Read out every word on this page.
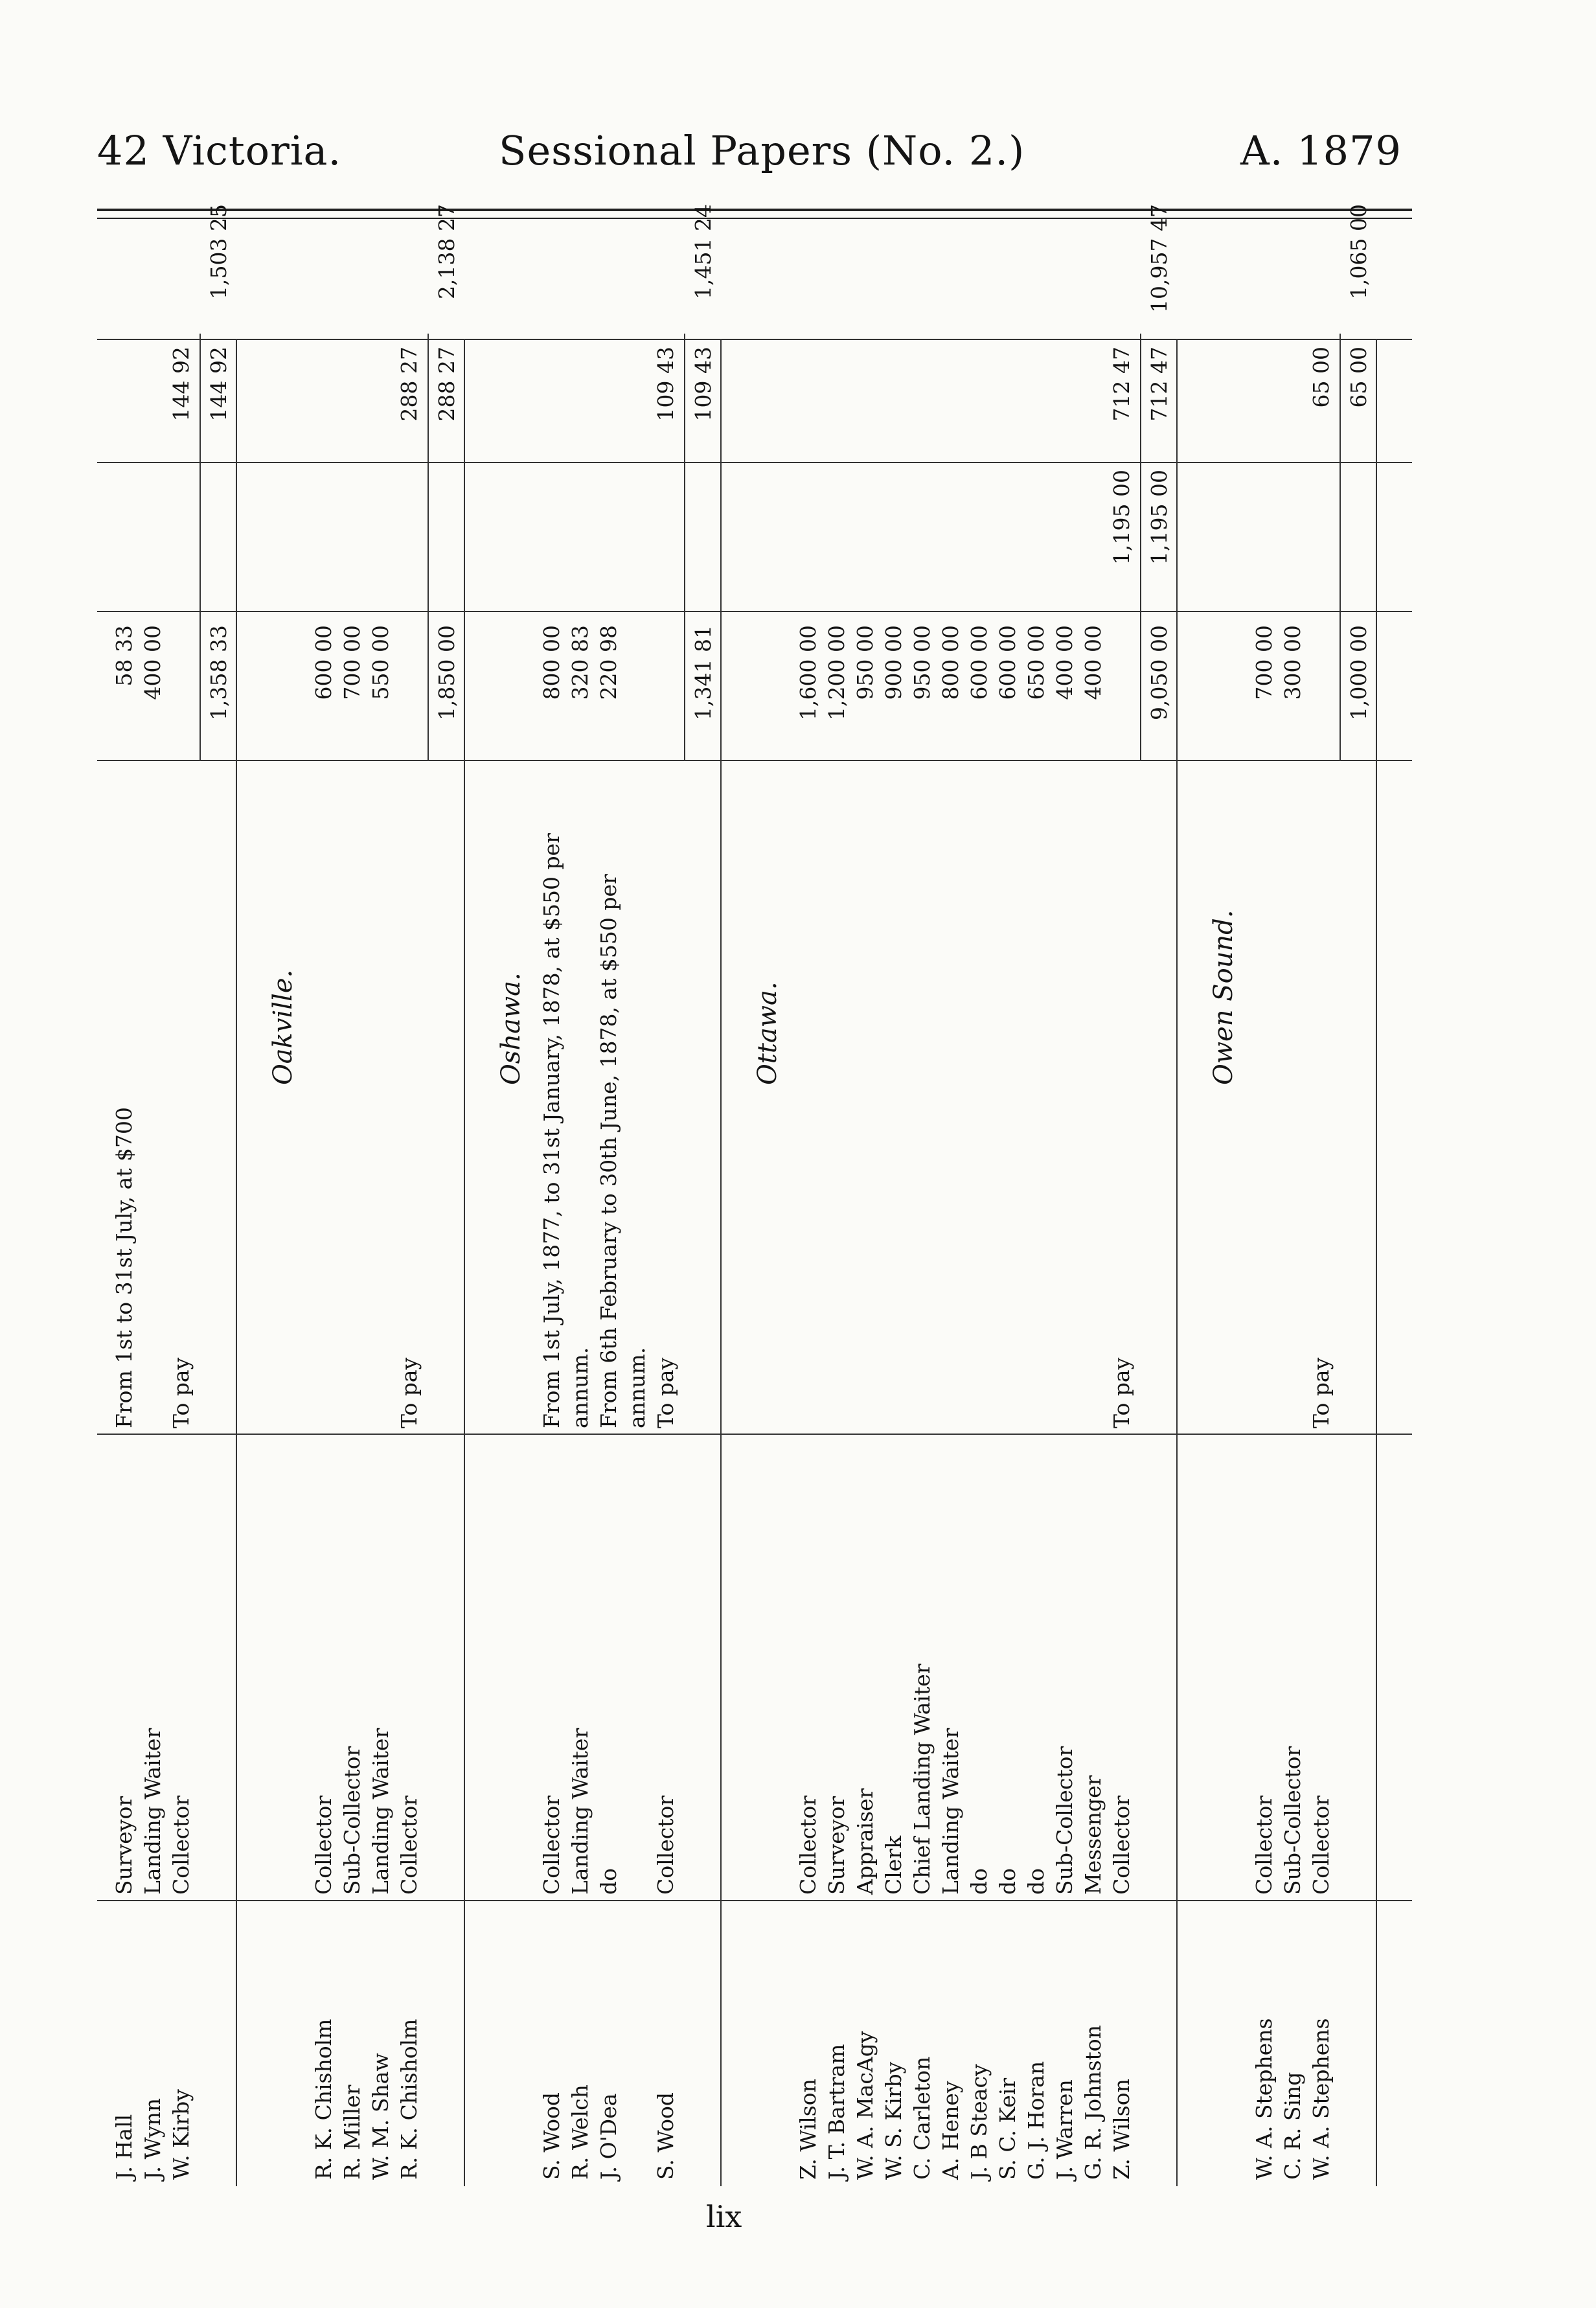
42 Victoria.	Sessional Papers (No. 2.)	A. 1879
J. Hall
Surveyor
From 1st to 31st July, at $700
58 33
J. Wynn
Landing Waiter
400 00
W. Kirby
Collector
To pay
144 92
1,358 33
144 92
1,503 25
Oakville.
R. K. Chisholm
Collector
600 00
R. Miller
Sub-Collector
700 00
W. M. Shaw
Landing Waiter
550 00
R. K. Chisholm
Collector
To pay
288 27
1,850 00
288 27
2,138 27
Oshawa.
S. Wood
Collector
From 1st July, 1877, to 31st January, 1878, at $550 per
800 00
R. Welch
Landing Waiter
annum.
320 83
J. O'Dea
do
From 6th February to 30th June, 1878, at $550 per
220 98
annum.
S. Wood
Collector
To pay
109 43
1,341 81
109 43
1,451 24
Ottawa.
Z. Wilson
Collector
1,600 00
J. T. Bartram
Surveyor
1,200 00
W. A. MacAgy
Appraiser
950 00
W. S. Kirby
Clerk
900 00
C. Carleton
Chief Landing Waiter
950 00
A. Heney
Landing Waiter
800 00
J. B Steacy
do
600 00
S. C. Keir
do
600 00
G. J. Horan
do
650 00
J. Warren
Sub-Collector
400 00
G. R. Johnston
Messenger
400 00
Z. Wilson
Collector
To pay
1,195 00
712 47
9,050 00
1,195 00
712 47
10,957 47
Owen Sound.
W. A. Stephens
Collector
700 00
C. R. Sing
Sub-Collector
300 00
W. A. Stephens
Collector
To pay
65 00
1,000 00
65 00
1,065 00
lix
